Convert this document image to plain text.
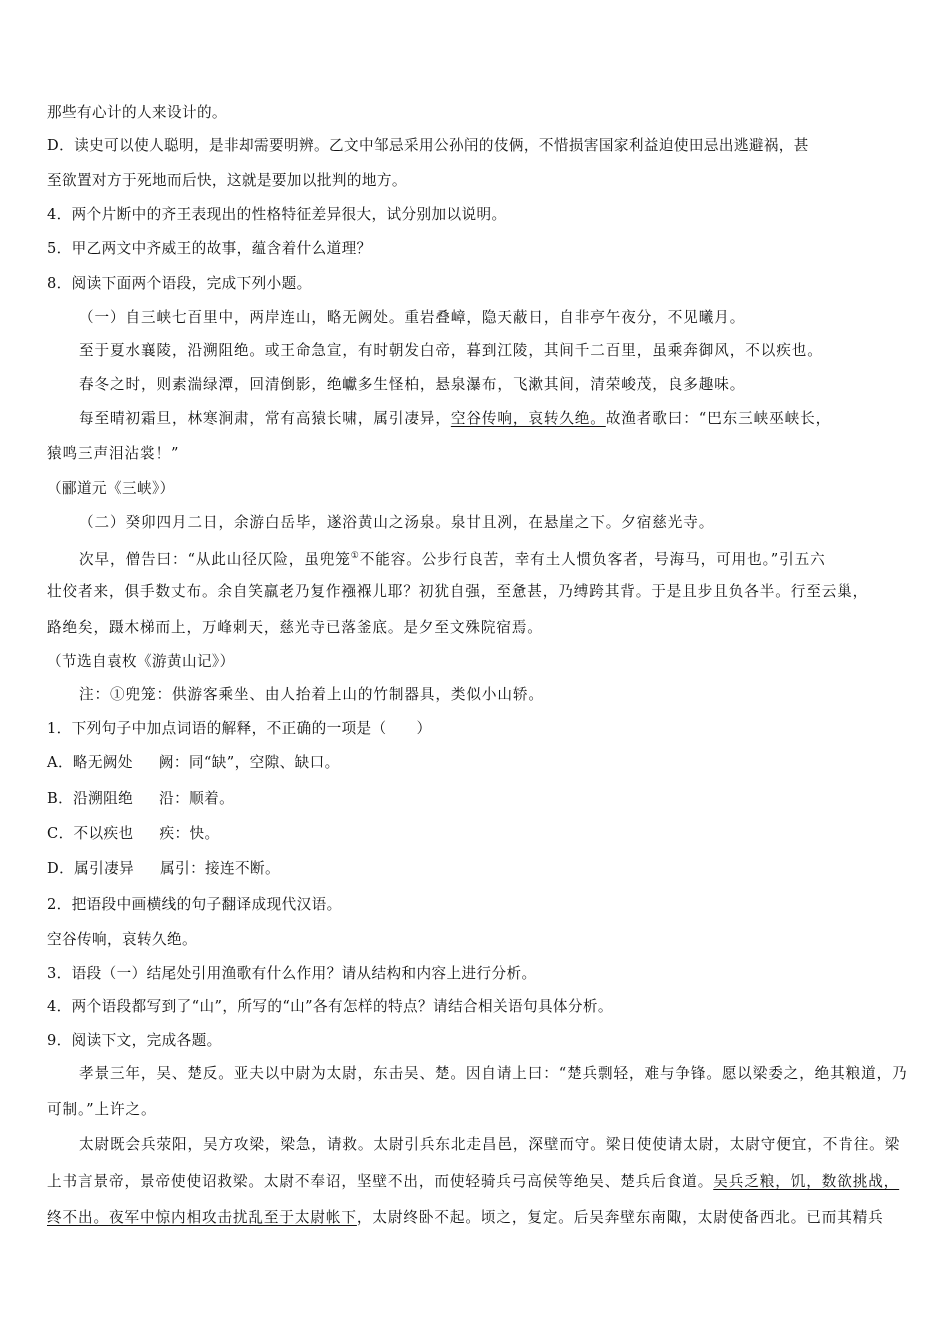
那些有心计的人来设计的。
D．读史可以使人聪明，是非却需要明辨。乙文中邹忌采用公孙闬的伎俩，不惜损害国家利益迫使田忌出逃避祸，甚
至欲置对方于死地而后快，这就是要加以批判的地方。
4．两个片断中的齐王表现出的性格特征差异很大，试分别加以说明。
5．甲乙两文中齐威王的故事，蕴含着什么道理？
8．阅读下面两个语段，完成下列小题。
（一）自三峡七百里中，两岸连山，略无阙处。重岩叠嶂，隐天蔽日，自非亭午夜分，不见曦月。
至于夏水襄陵，沿溯阻绝。或王命急宣，有时朝发白帝，暮到江陵，其间千二百里，虽乘奔御风，不以疾也。
春冬之时，则素湍绿潭，回清倒影，绝巘多生怪柏，悬泉瀑布，飞漱其间，清荣峻茂，良多趣味。
每至晴初霜旦，林寒涧肃，常有高猿长啸，属引凄异，空谷传响，哀转久绝。故渔者歌曰：“巴东三峡巫峡长，
猿鸣三声泪沾裳！”
（郦道元《三峡》）
（二）癸卯四月二日，余游白岳毕，遂浴黄山之汤泉。泉甘且冽，在悬崖之下。夕宿慈光寺。
次早，僧告曰：“从此山径仄险，虽兜笼①不能容。公步行良苦，幸有土人惯负客者，号海马，可用也。”引五六
壮佼者来，俱手数丈布。余自笑羸老乃复作襁褓儿耶？初犹自强，至惫甚，乃缚跨其背。于是且步且负各半。行至云巢，
路绝矣，蹑木梯而上，万峰刺天，慈光寺已落釜底。是夕至文殊院宿焉。
（节选自袁枚《游黄山记》）
注：①兜笼：供游客乘坐、由人抬着上山的竹制器具，类似小山轿。
1．下列句子中加点词语的解释，不正确的一项是（　　）
A．略无阙处 阙：同“缺”，空隙、缺口。
B．沿溯阻绝 沿：顺着。
C．不以疾也 疾：快。
D．属引凄异 属引：接连不断。
2．把语段中画横线的句子翻译成现代汉语。
空谷传响，哀转久绝。
3．语段（一）结尾处引用渔歌有什么作用？请从结构和内容上进行分析。
4．两个语段都写到了“山”，所写的“山”各有怎样的特点？请结合相关语句具体分析。
9．阅读下文，完成各题。
孝景三年，吴、楚反。亚夫以中尉为太尉，东击吴、楚。因自请上曰：“楚兵剽轻，难与争锋。愿以梁委之，绝其粮道，乃
可制。”上许之。
太尉既会兵荥阳，吴方攻梁，梁急，请救。太尉引兵东北走昌邑，深壁而守。梁日使使请太尉，太尉守便宜，不肯往。梁
上书言景帝，景帝使使诏救梁。太尉不奉诏，坚壁不出，而使轻骑兵弓高侯等绝吴、楚兵后食道。吴兵乏粮，饥，数欲挑战，
终不出。夜军中惊内相攻击扰乱至于太尉帐下，太尉终卧不起。顷之，复定。后吴奔壁东南陬，太尉使备西北。已而其精兵
